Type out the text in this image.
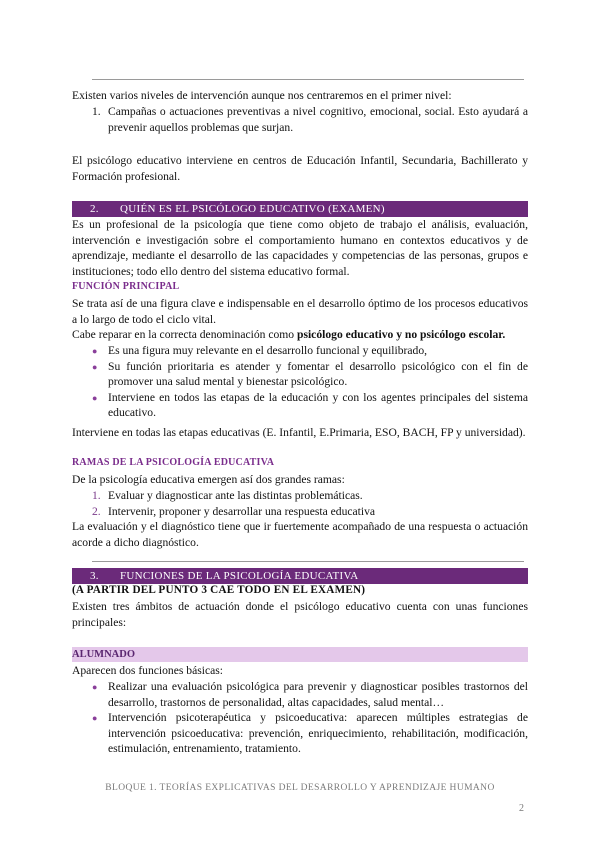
Existen varios niveles de intervención aunque nos centraremos en el primer nivel:
1. Campañas o actuaciones preventivas a nivel cognitivo, emocional, social. Esto ayudará a prevenir aquellos problemas que surjan.
El psicólogo educativo interviene en centros de Educación Infantil, Secundaria, Bachillerato y Formación profesional.
2. QUIÉN ES EL PSICÓLOGO EDUCATIVO (EXAMEN)
Es un profesional de la psicología que tiene como objeto de trabajo el análisis, evaluación, intervención e investigación sobre el comportamiento humano en contextos educativos y de aprendizaje, mediante el desarrollo de las capacidades y competencias de las personas, grupos e instituciones; todo ello dentro del sistema educativo formal.
FUNCIÓN PRINCIPAL
Se trata así de una figura clave e indispensable en el desarrollo óptimo de los procesos educativos a lo largo de todo el ciclo vital.
Cabe reparar en la correcta denominación como psicólogo educativo y no psicólogo escolar.
● Es una figura muy relevante en el desarrollo funcional y equilibrado,
● Su función prioritaria es atender y fomentar el desarrollo psicológico con el fin de promover una salud mental y bienestar psicológico.
● Interviene en todos las etapas de la educación y con los agentes principales del sistema educativo.
Interviene en todas las etapas educativas (E. Infantil, E.Primaria, ESO, BACH, FP y universidad).
RAMAS DE LA PSICOLOGÍA EDUCATIVA
De la psicología educativa emergen así dos grandes ramas:
1. Evaluar y diagnosticar ante las distintas problemáticas.
2. Intervenir, proponer y desarrollar una respuesta educativa
La evaluación y el diagnóstico tiene que ir fuertemente acompañado de una respuesta o actuación acorde a dicho diagnóstico.
3. FUNCIONES DE LA PSICOLOGÍA EDUCATIVA
(A PARTIR DEL PUNTO 3 CAE TODO EN EL EXAMEN)
Existen tres ámbitos de actuación donde el psicólogo educativo cuenta con unas funciones principales:
ALUMNADO
Aparecen dos funciones básicas:
● Realizar una evaluación psicológica para prevenir y diagnosticar posibles trastornos del desarrollo, trastornos de personalidad, altas capacidades, salud mental…
● Intervención psicoterapéutica y psicoeducativa: aparecen múltiples estrategias de intervención psicoeducativa: prevención, enriquecimiento, rehabilitación, modificación, estimulación, entrenamiento, tratamiento.
BLOQUE 1. TEORÍAS EXPLICATIVAS DEL DESARROLLO Y APRENDIZAJE HUMANO
2
